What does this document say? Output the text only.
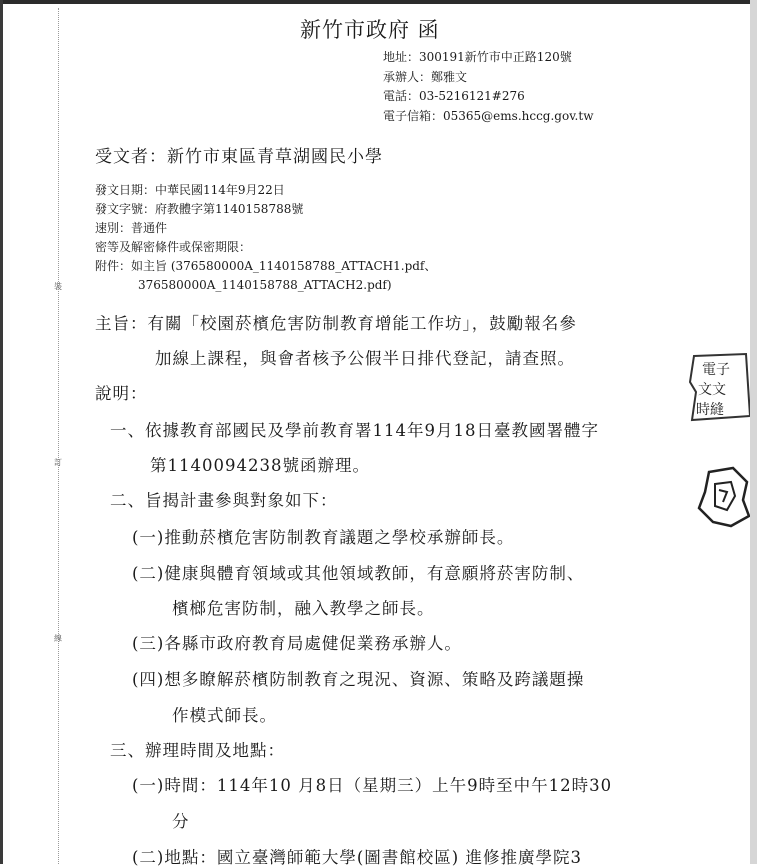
裝
訂
線
新竹市政府 函
地址：300191新竹市中正路120號
承辦人：鄭雅文
電話：03-5216121#276
電子信箱：05365@ems.hccg.gov.tw
受文者：新竹市東區青草湖國民小學
發文日期：中華民國114年9月22日
發文字號：府教體字第1140158788號
速別：普通件
密等及解密條件或保密期限：
附件：如主旨 (376580000A_1140158788_ATTACH1.pdf、
376580000A_1140158788_ATTACH2.pdf)
主旨：有關「校園菸檳危害防制教育增能工作坊」，鼓勵報名參
加線上課程，與會者核予公假半日排代登記，請查照。
說明：
一、依據教育部國民及學前教育署114年9月18日臺教國署體字
第1140094238號函辦理。
二、旨揭計畫參與對象如下：
(一)推動菸檳危害防制教育議題之學校承辦師長。
(二)健康與體育領域或其他領域教師，有意願將菸害防制、
檳榔危害防制，融入教學之師長。
(三)各縣市政府教育局處健促業務承辦人。
(四)想多瞭解菸檳防制教育之現況、資源、策略及跨議題操
作模式師長。
三、辦理時間及地點：
(一)時間：114年10 月8日（星期三）上午9時至中午12時30
分
(二)地點：國立臺灣師範大學(圖書館校區) 進修推廣學院3
電子
文文
時縫
